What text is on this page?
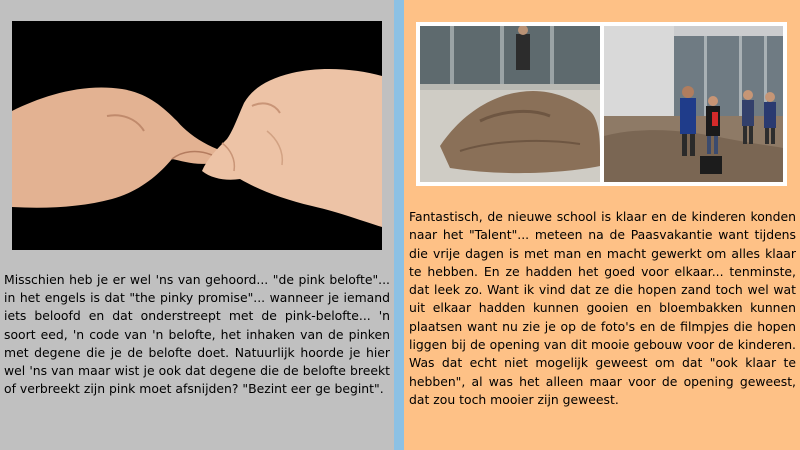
Misschien heb je er wel 'ns van gehoord... "de pink belofte"... in het engels is dat "the pinky promise"... wanneer je iemand iets beloofd en dat onderstreept met de pink-belofte... 'n soort eed, 'n code van 'n belofte, het inhaken van de pinken met degene die je de belofte doet. Natuurlijk hoorde je hier wel 'ns van maar wist je ook dat degene die de belofte breekt of verbreekt zijn pink moet afsnijden? "Bezint eer ge begint".

Fantastisch, de nieuwe school is klaar en de kinderen konden naar het "Talent"... meteen na de Paasvakantie want tijdens die vrije dagen is met man en macht gewerkt om alles klaar te hebben. En ze hadden het goed voor elkaar... tenminste, dat leek zo. Want ik vind dat ze die hopen zand toch wel wat uit elkaar hadden kunnen gooien en bloembakken kunnen plaatsen want nu zie je op de foto's en de filmpjes die hopen liggen bij de opening van dit mooie gebouw voor de kinderen. Was dat echt niet mogelijk geweest om dat "ook klaar te hebben", al was het alleen maar voor de opening geweest, dat zou toch mooier zijn geweest.
